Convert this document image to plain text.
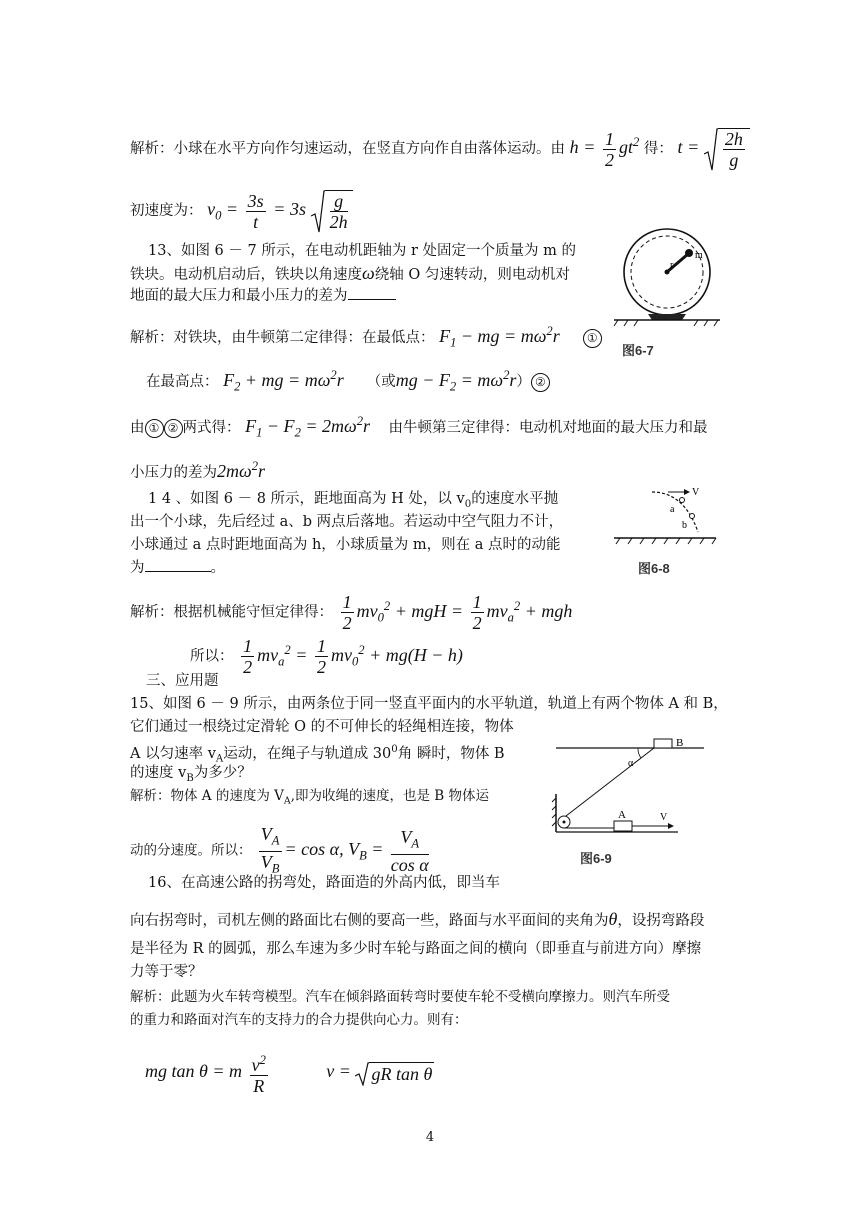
解析：小球在水平方向作匀速运动，在竖直方向作自由落体运动。由 $h = \frac{1}{2} gt^2$ 得： $t = \frac{2h}{g}$
初速度为： $v_0 = \frac{3s}{t} = 3s \frac{g}{2h}$
13、如图 6 － 7 所示，在电动机距轴为 r 处固定一个质量为 m 的
铁块。电动机启动后，铁块以角速度ω绕轴 O 匀速转动，则电动机对
地面的最大压力和最小压力的差为
解析：对铁块，由牛顿第二定律得：在最低点： $F_1$ − mg = $m\omega^2r$ ①
在最高点： $F_2$ + mg = $m\omega^2r$ （或mg − $F_2 = m\omega^2r$） ②
由 ① ② 两式得： $F_1 - F_2 = 2m\omega^2r$ 由牛顿第三定律得：电动机对地面的最大压力和最
小压力的差为$2m\omega^2r$
r
m
图6-7
1 4 、如图 6 － 8 所示，距地面高为 H 处，以 $v_0$的速度水平抛
出一个小球，先后经过 a、b 两点后落地。若运动中空气阻力不计，
小球通过 a 点时距地面高为 h，小球质量为 m，则在 a 点时的动能
为	。
解析：根据机械能守恒定律得： $\frac{1}{2} mv_0^2$ + mgH = $\frac{1}{2} mv_a^2$ + mgh
所以： $\frac{1}{2} mv_a^2 = \frac{1}{2} mv_0^2 + mg(H - h)$
V
a
b
图6-8
三、应用题
15、如图 6 － 9 所示，由两条位于同一竖直平面内的水平轨道，轨道上有两个物体 A 和 B，
它们通过一根绕过定滑轮 O 的不可伸长的轻绳相连接，物体
A 以匀速率 $v_A$运动，在绳子与轨道成 $30^0$角 瞬时，物体 B
的速度 $v_B$为多少？
解析：物体 A 的速度为 $V_A$,即为收绳的速度，也是 B 物体运
动的分速度。所以： $\frac{V_A}{V_B} = \cos \alpha$, $V_B = \frac{V_A}{\text{cos α}}$
B
α
A	V
图6-9
16、在高速公路的拐弯处，路面造的外高内低，即当车
向右拐弯时，司机左侧的路面比右侧的要高一些，路面与水平面间的夹角为θ，设拐弯路段
是半径为 R 的圆弧，那么车速为多少时车轮与路面之间的横向（即垂直与前进方向）摩擦
力等于零？
解析：此题为火车转弯模型。汽车在倾斜路面转弯时要使车轮不受横向摩擦力。则汽车所受
的重力和路面对汽车的支持力的合力提供向心力。则有：
mg tan θ = m $\frac{v^2}{R}$	v = gR tan θ
4
